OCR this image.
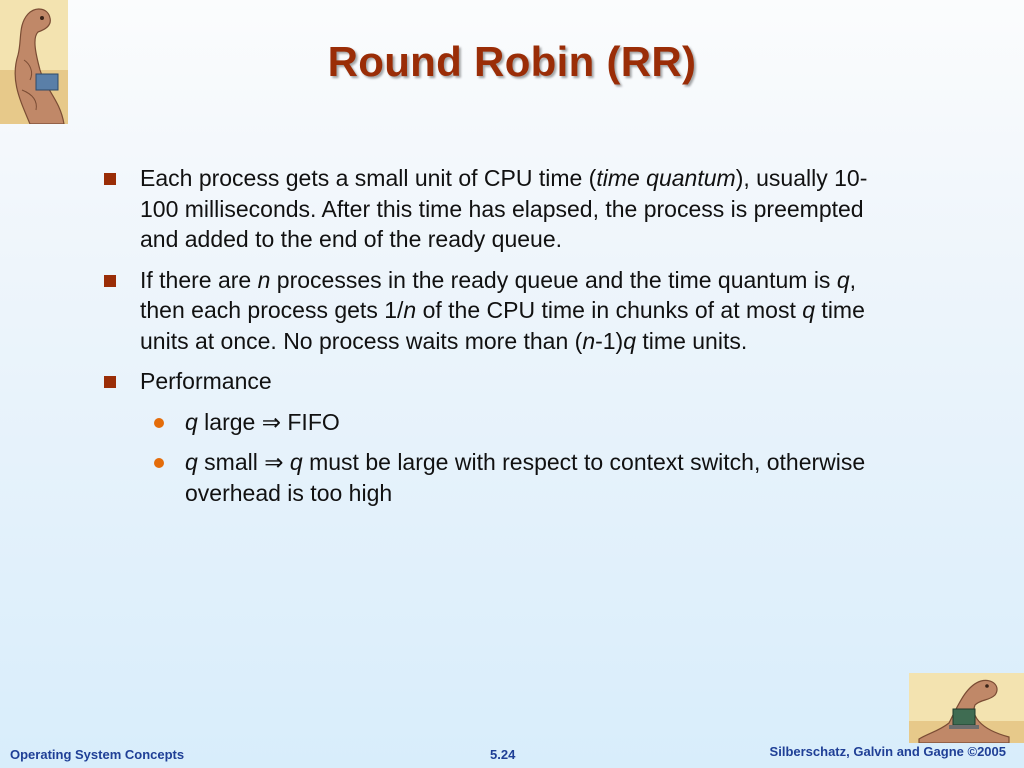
Round Robin (RR)
Each process gets a small unit of CPU time (time quantum), usually 10-100 milliseconds. After this time has elapsed, the process is preempted and added to the end of the ready queue.
If there are n processes in the ready queue and the time quantum is q, then each process gets 1/n of the CPU time in chunks of at most q time units at once. No process waits more than (n-1)q time units.
Performance
q large ⇒ FIFO
q small ⇒ q must be large with respect to context switch, otherwise overhead is too high
Operating System Concepts	5.24	Silberschatz, Galvin and Gagne ©2005
